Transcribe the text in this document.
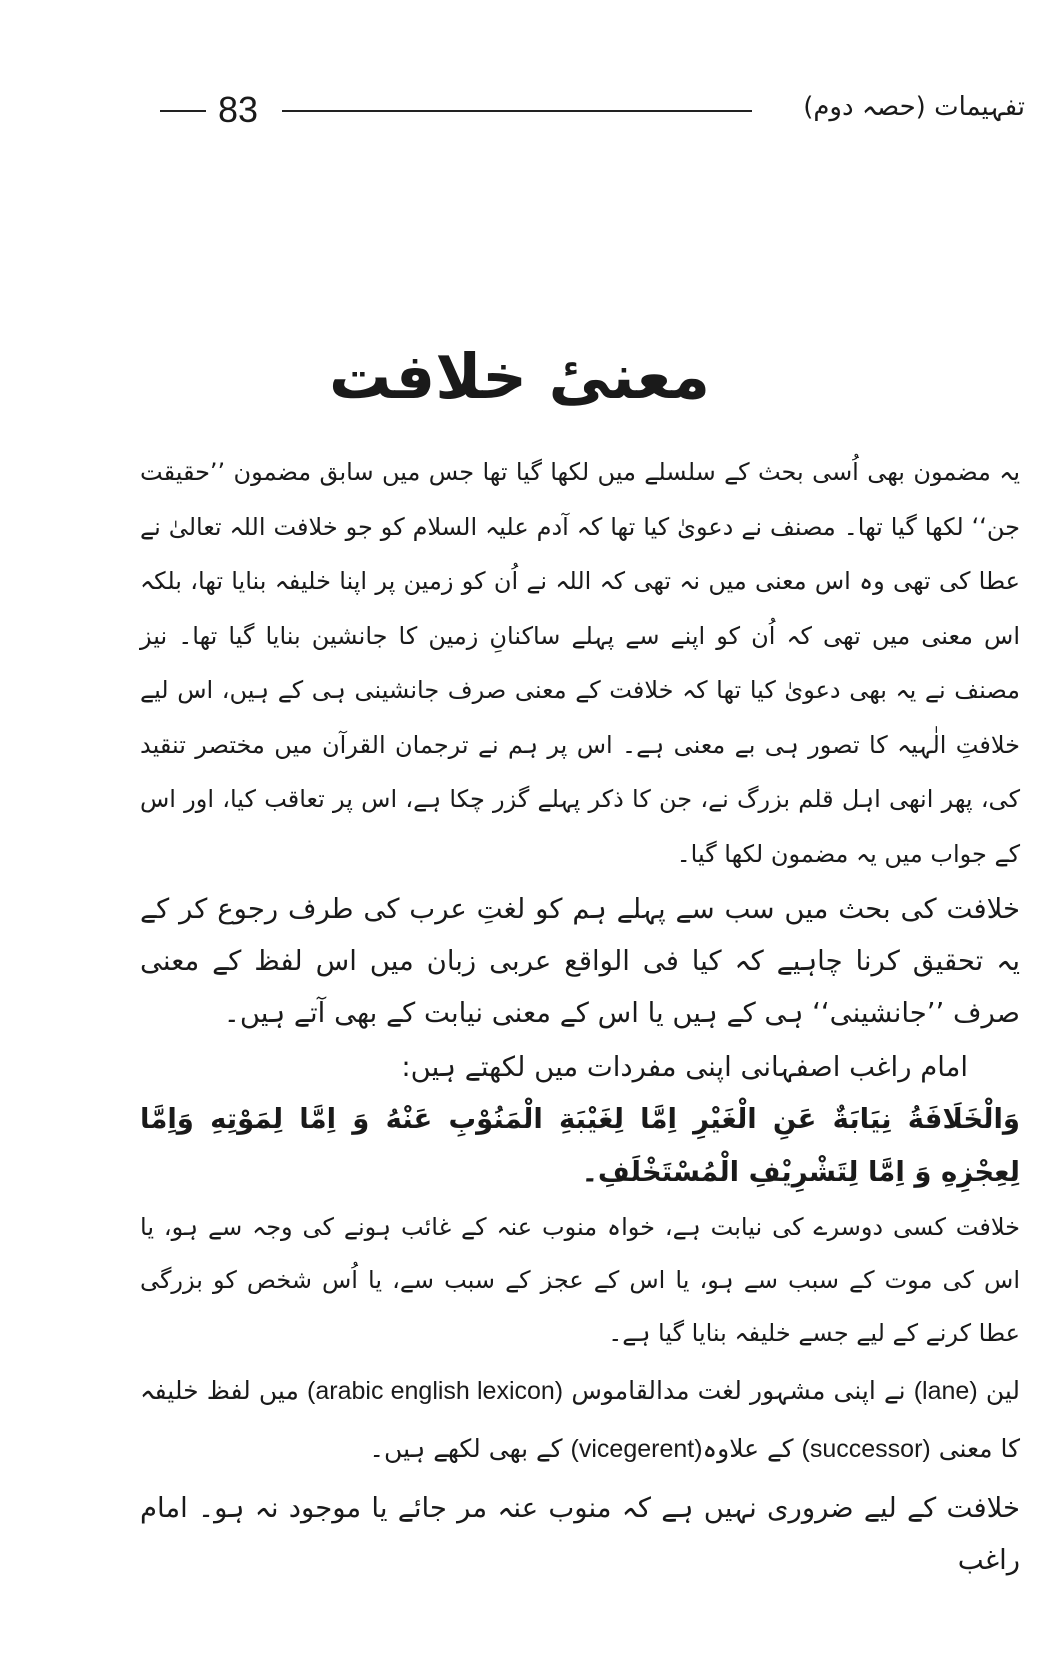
83	تفہیمات (حصہ دوم)
معنیٔ خلافت

یہ مضمون بھی اُسی بحث کے سلسلے میں لکھا گیا تھا جس میں سابق مضمون ’’حقیقت جن‘‘ لکھا گیا تھا۔ مصنف نے دعویٰ کیا تھا کہ آدم علیہ السلام کو جو خلافت اللہ تعالیٰ نے عطا کی تھی وہ اس معنی میں نہ تھی کہ اللہ نے اُن کو زمین پر اپنا خلیفہ بنایا تھا، بلکہ اس معنی میں تھی کہ اُن کو اپنے سے پہلے ساکنانِ زمین کا جانشین بنایا گیا تھا۔ نیز مصنف نے یہ بھی دعویٰ کیا تھا کہ خلافت کے معنی صرف جانشینی ہی کے ہیں، اس لیے خلافتِ الٰہیہ کا تصور ہی بے معنی ہے۔ اس پر ہم نے ترجمان القرآن میں مختصر تنقید کی، پھر انھی اہل قلم بزرگ نے، جن کا ذکر پہلے گزر چکا ہے، اس پر تعاقب کیا، اور اس کے جواب میں یہ مضمون لکھا گیا۔

خلافت کی بحث میں سب سے پہلے ہم کو لغتِ عرب کی طرف رجوع کر کے یہ تحقیق کرنا چاہیے کہ کیا فی الواقع عربی زبان میں اس لفظ کے معنی صرف ’’جانشینی‘‘ ہی کے ہیں یا اس کے معنی نیابت کے بھی آتے ہیں۔

امام راغب اصفہانی اپنی مفردات میں لکھتے ہیں:

وَالْخَلَافَةُ نِیَابَةٌ عَنِ الْغَیْرِ اِمَّا لِغَیْبَةِ الْمَنُوْبِ عَنْهُ وَ اِمَّا لِمَوْتِهِ وَاِمَّا لِعِجْزِهِ وَ اِمَّا لِتَشْرِیْفِ الْمُسْتَخْلَفِ۔

خلافت کسی دوسرے کی نیابت ہے، خواہ منوب عنہ کے غائب ہونے کی وجہ سے ہو، یا اس کی موت کے سبب سے ہو، یا اس کے عجز کے سبب سے، یا اُس شخص کو بزرگی عطا کرنے کے لیے جسے خلیفہ بنایا گیا ہے۔

لین (lane) نے اپنی مشہور لغت مدالقاموس (arabic english lexicon) میں لفظ خلیفہ کا معنی (successor) کے علاوہ(vicegerent) کے بھی لکھے ہیں۔

خلافت کے لیے ضروری نہیں ہے کہ منوب عنہ مر جائے یا موجود نہ ہو۔ امام راغب
